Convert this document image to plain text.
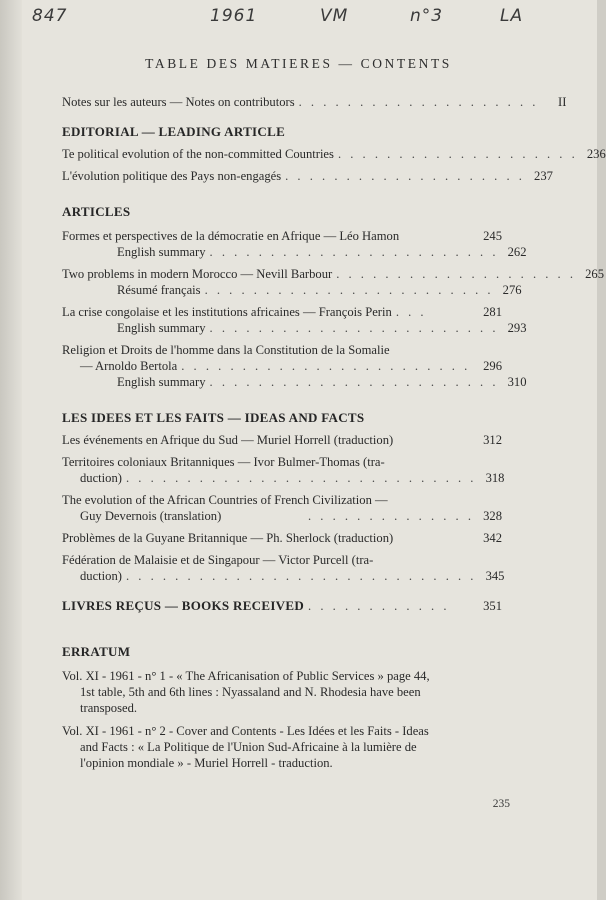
847	1961	VM	n°3	LA
TABLE DES MATIERES — CONTENTS
Notes sur les auteurs — Notes on contributors . . . . . . . . . . . . . . . . . . . .	II
EDITORIAL — LEADING ARTICLE
Te political evolution of the non-committed Countries . . . . . . . . . . . . . . . . . . . . 236
L'évolution politique des Pays non-engagés . . . . . . . . . . . . . . . . . . . . 237
ARTICLES
Formes et perspectives de la démocratie en Afrique — Léo Hamon	245
English summary . . . . . . . . . . . . . . . . . . . . . . . . 262
Two problems in modern Morocco — Nevill Barbour . . . . . . . . . . . . . . . . . . . . 265
Résumé français . . . . . . . . . . . . . . . . . . . . . . . . 276
La crise congolaise et les institutions africaines — François Perin . . .	281
English summary . . . . . . . . . . . . . . . . . . . . . . . . 293
Religion et Droits de l'homme dans la Constitution de la Somalie
— Arnoldo Bertola . . . . . . . . . . . . . . . . . . . . . . . .	296
English summary . . . . . . . . . . . . . . . . . . . . . . . . 310
LES IDEES ET LES FAITS — IDEAS AND FACTS
Les événements en Afrique du Sud — Muriel Horrell (traduction)	312
Territoires coloniaux Britanniques — Ivor Bulmer-Thomas (tra-
duction) . . . . . . . . . . . . . . . . . . . . . . . . . . . . . 318
The evolution of the African Countries of French Civilization —
Guy Devernois (translation)	. . . . . . . . . . . . . . 328
Problèmes de la Guyane Britannique — Ph. Sherlock (traduction)	342
Fédération de Malaisie et de Singapour — Victor Purcell (tra-
duction) . . . . . . . . . . . . . . . . . . . . . . . . . . . . . 345
LIVRES REÇUS — BOOKS RECEIVED . . . . . . . . . . . .	351
ERRATUM
Vol. XI - 1961 - n° 1 - « The Africanisation of Public Services » page 44,
1st table, 5th and 6th lines : Nyassaland and N. Rhodesia have been
transposed.
Vol. XI - 1961 - n° 2 - Cover and Contents - Les Idées et les Faits - Ideas
and Facts : « La Politique de l'Union Sud-Africaine à la lumière de
l'opinion mondiale » - Muriel Horrell - traduction.
235
